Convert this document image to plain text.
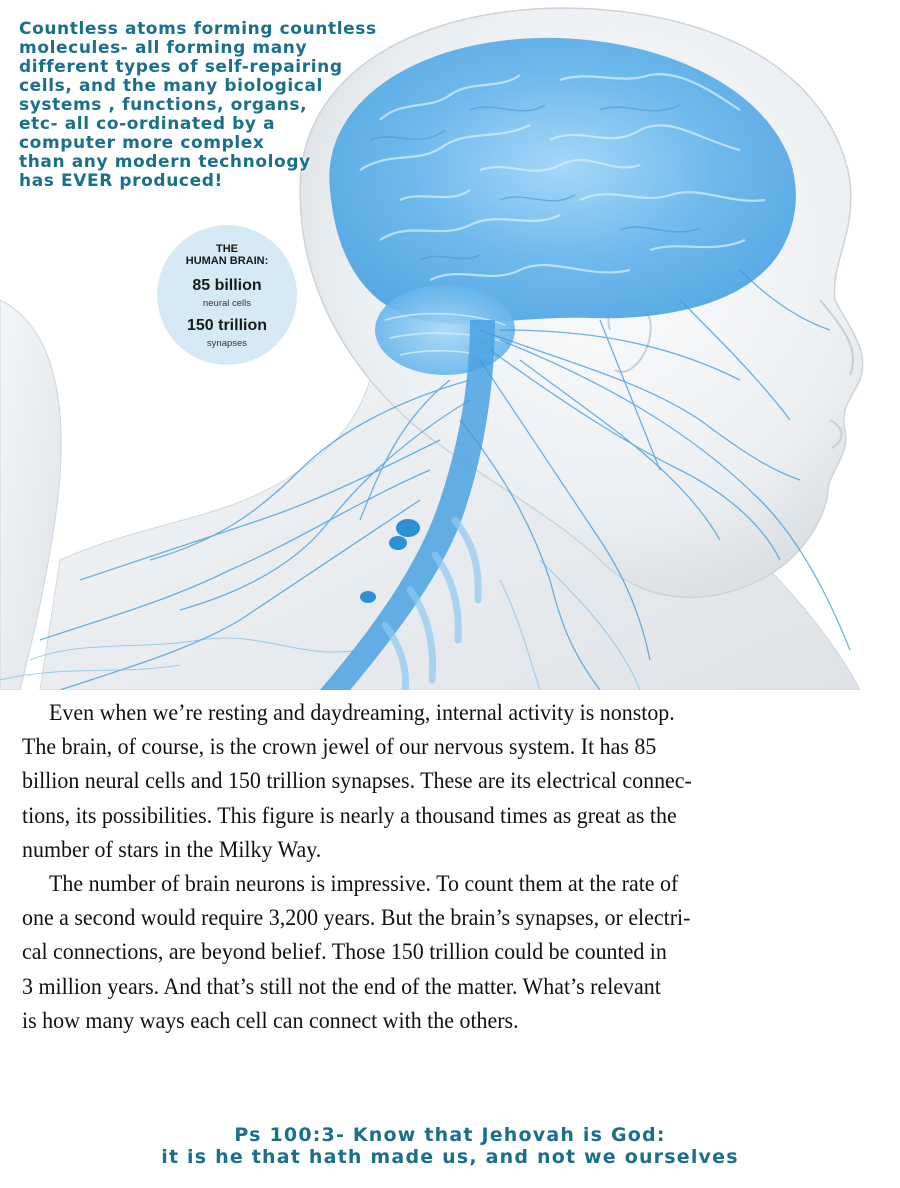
Countless atoms forming countless
molecules- all forming many
different types of self-repairing
cells, and the many biological
systems , functions, organs,
etc- all co-ordinated by a
computer more complex
than any modern technology
has EVER produced!
THE
HUMAN BRAIN:
85 billion
neural cells
150 trillion
synapses
Even when we’re resting and daydreaming, internal activity is nonstop.
The brain, of course, is the crown jewel of our nervous system. It has 85
billion neural cells and 150 trillion synapses. These are its electrical connec-
tions, its possibilities. This figure is nearly a thousand times as great as the
number of stars in the Milky Way.
The number of brain neurons is impressive. To count them at the rate of
one a second would require 3,200 years. But the brain’s synapses, or electri-
cal connections, are beyond belief. Those 150 trillion could be counted in
3 million years. And that’s still not the end of the matter. What’s relevant
is how many ways each cell can connect with the others.
Ps 100:3- Know that Jehovah is God:
it is he that hath made us, and not we ourselves
